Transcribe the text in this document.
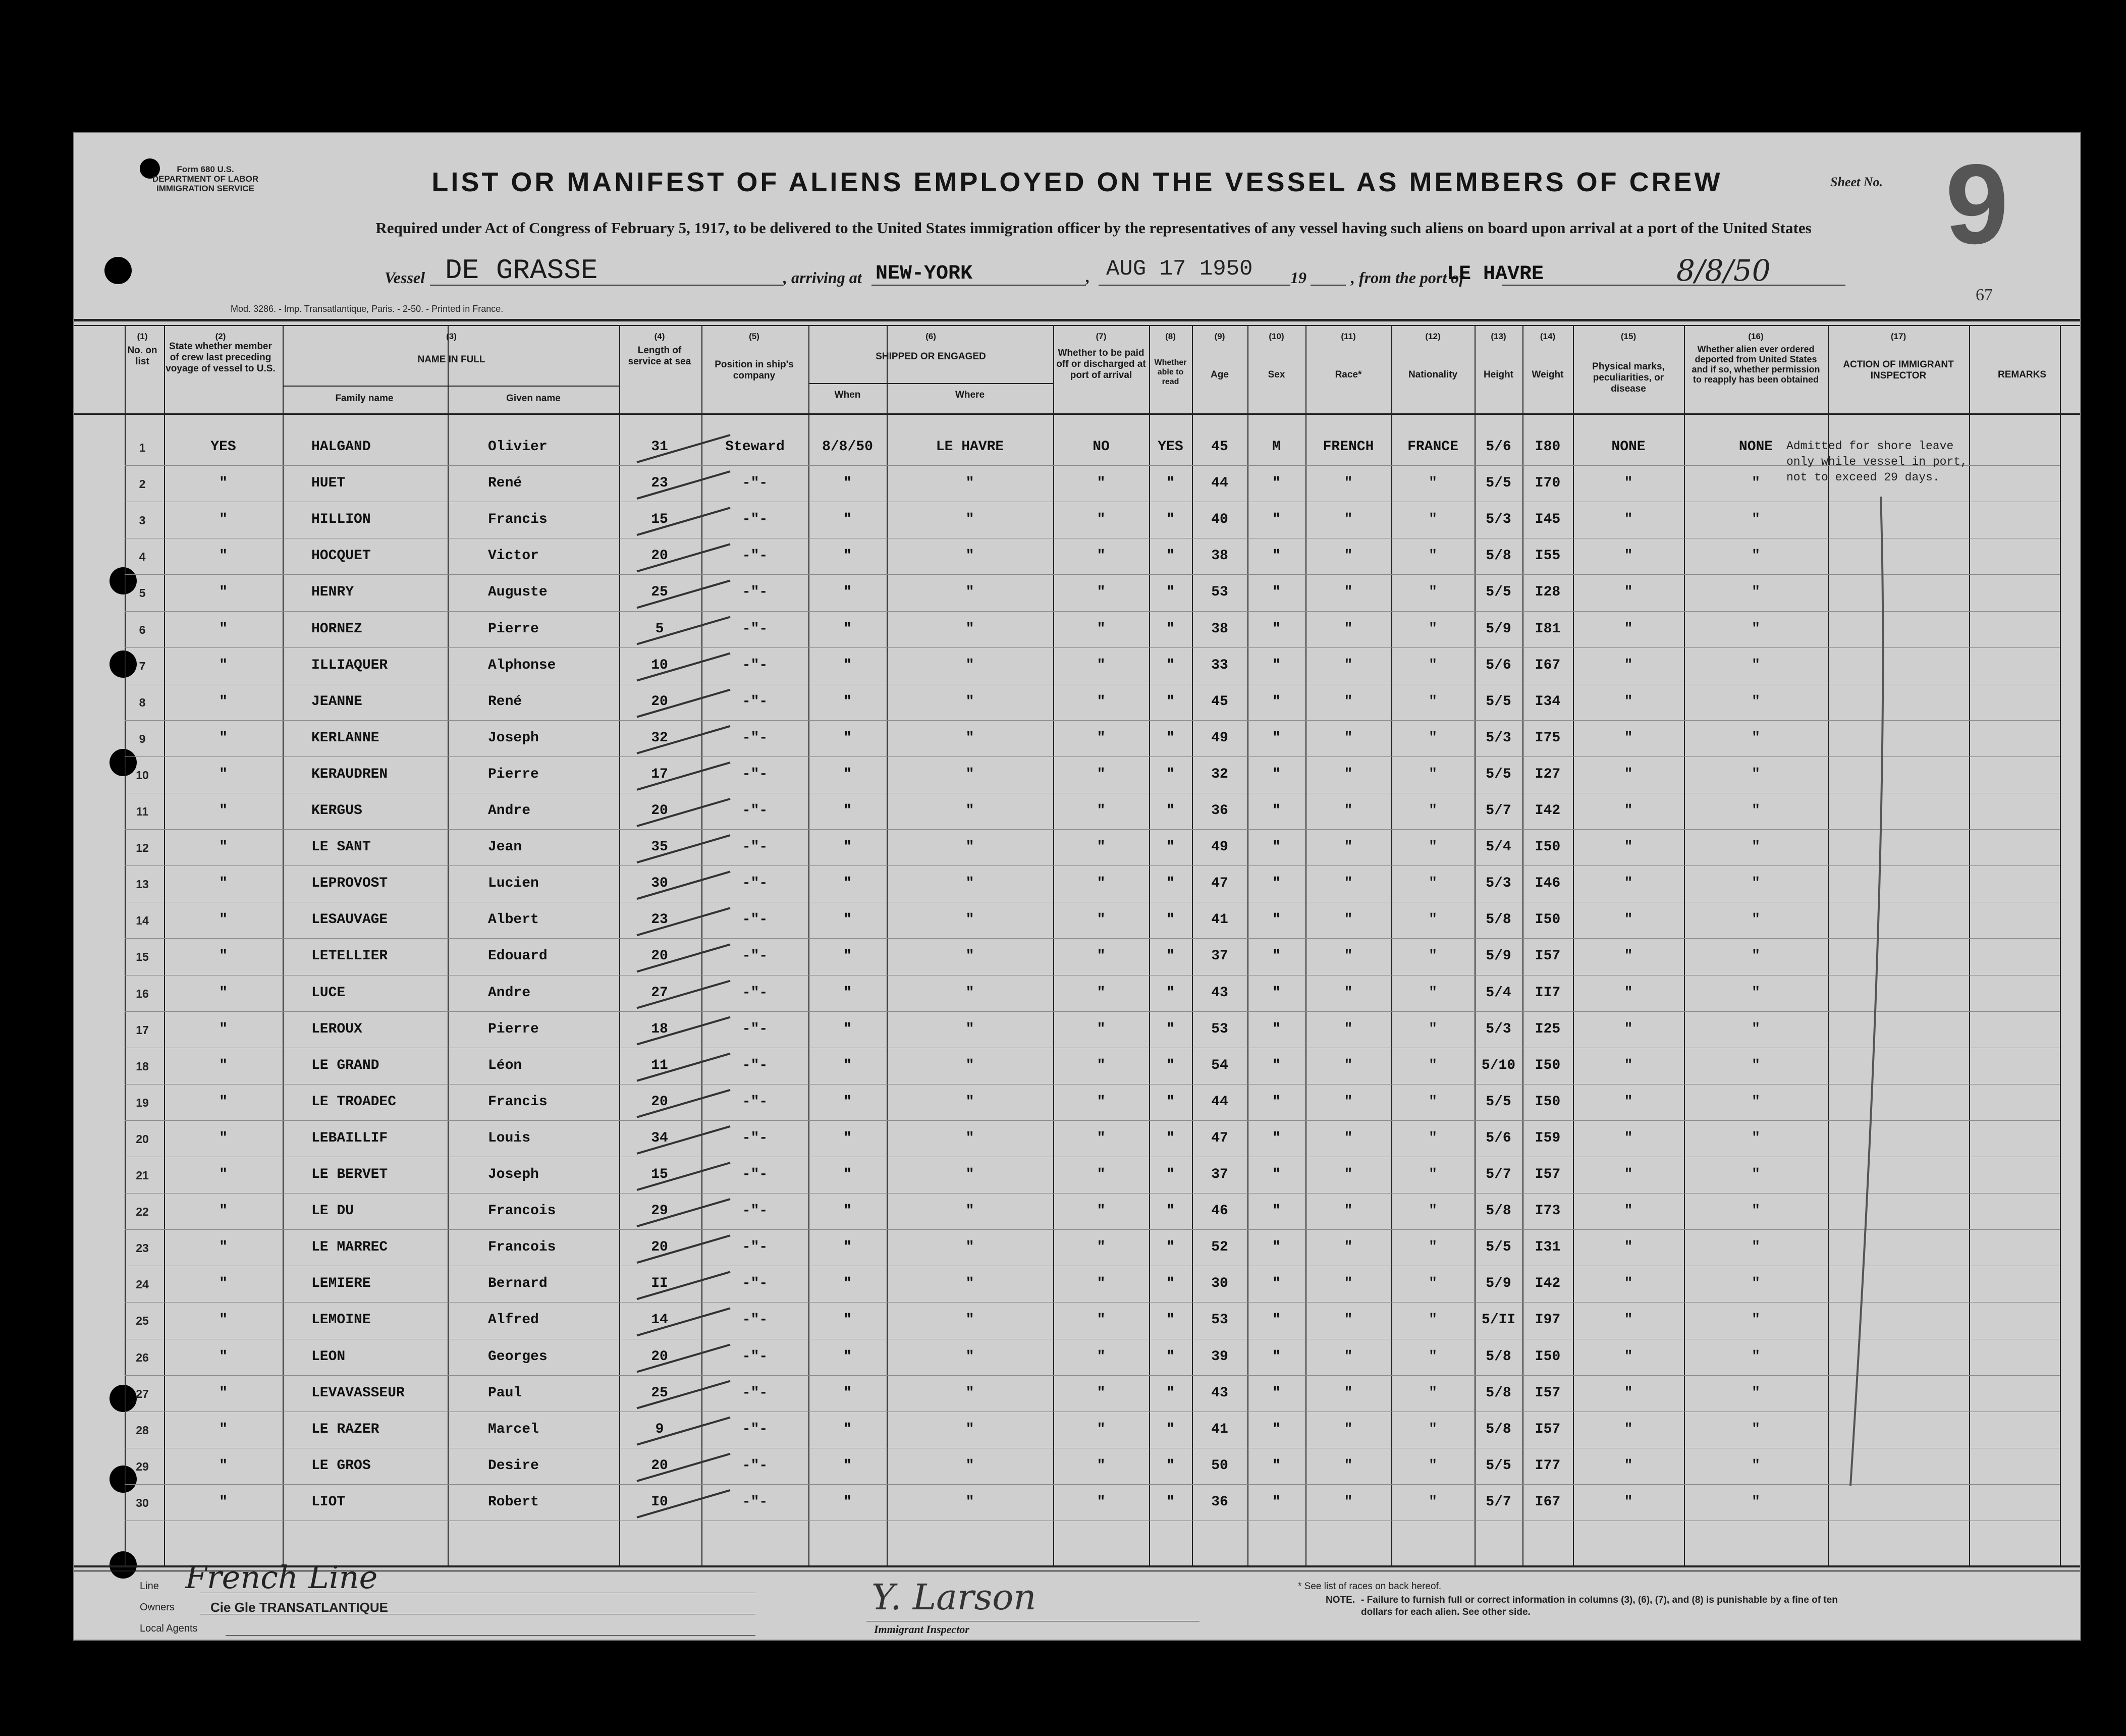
Form 680 U.S. DEPARTMENT OF LABOR IMMIGRATION SERVICE	LIST OR MANIFEST OF ALIENS EMPLOYED ON THE VESSEL AS MEMBERS OF CREW	Sheet No. 9
Required under Act of Congress of February 5, 1917, to be delivered to the United States immigration officer by the representatives of any vessel having such aliens on board upon arrival at a port of the United States
Vessel DE GRASSE	, arriving at NEW-YORK	, AUG 17 1950 19	, from the port of
LE HAVRE	8/8/50
Mod. 3286. - Imp. Transatlantique, Paris. - 2-50. - Printed in France.
67
(1)
No. on list
(2)
State whether member of crew last preceding voyage of vessel to U.S.
(3)
NAME IN FULL
Family name	Given name
(4)
Length of service at sea
(5)
Position in ship's company
(6)
SHIPPED OR ENGAGED
When	Where
(7)
Whether to be paid off or discharged at port of arrival
(8)
Whether able to read
(9)
Age
(10)
Sex
(11)
Race*
(12)
Nationality
(13)
Height
(14)
Weight
(15)
Physical marks, peculiarities, or disease
(16)
Whether alien ever ordered deported from United States and if so, whether permission to reapply has been obtained
(17)
ACTION OF IMMIGRANT INSPECTOR	REMARKS
1	YES	HALGAND	Olivier	31	Steward	8/8/50	LE HAVRE	NO	YES	45	M	FRENCH	FRANCE	5/6	I80	NONE	NONE
2	"	HUET	René	23	-"-	"	"	"	"	44	"	"	"	5/5	I70	"	"
3	"	HILLION	Francis	15	-"-	"	"	"	"	40	"	"	"	5/3	I45	"	"
4	"	HOCQUET	Victor	20	-"-	"	"	"	"	38	"	"	"	5/8	I55	"	"
5	"	HENRY	Auguste	25	-"-	"	"	"	"	53	"	"	"	5/5	I28	"	"
6	"	HORNEZ	Pierre	5	-"-	"	"	"	"	38	"	"	"	5/9	I81	"	"
7	"	ILLIAQUER	Alphonse	10	-"-	"	"	"	"	33	"	"	"	5/6	I67	"	"
8	"	JEANNE	René	20	-"-	"	"	"	"	45	"	"	"	5/5	I34	"	"
9	"	KERLANNE	Joseph	32	-"-	"	"	"	"	49	"	"	"	5/3	I75	"	"
10	"	KERAUDREN	Pierre	17	-"-	"	"	"	"	32	"	"	"	5/5	I27	"	"
11	"	KERGUS	Andre	20	-"-	"	"	"	"	36	"	"	"	5/7	I42	"	"
12	"	LE SANT	Jean	35	-"-	"	"	"	"	49	"	"	"	5/4	I50	"	"
13	"	LEPROVOST	Lucien	30	-"-	"	"	"	"	47	"	"	"	5/3	I46	"	"
14	"	LESAUVAGE	Albert	23	-"-	"	"	"	"	41	"	"	"	5/8	I50	"	"
15	"	LETELLIER	Edouard	20	-"-	"	"	"	"	37	"	"	"	5/9	I57	"	"
16	"	LUCE	Andre	27	-"-	"	"	"	"	43	"	"	"	5/4	II7	"	"
17	"	LEROUX	Pierre	18	-"-	"	"	"	"	53	"	"	"	5/3	I25	"	"
18	"	LE GRAND	Léon	11	-"-	"	"	"	"	54	"	"	"	5/10	I50	"	"
19	"	LE TROADEC	Francis	20	-"-	"	"	"	"	44	"	"	"	5/5	I50	"	"
20	"	LEBAILLIF	Louis	34	-"-	"	"	"	"	47	"	"	"	5/6	I59	"	"
21	"	LE BERVET	Joseph	15	-"-	"	"	"	"	37	"	"	"	5/7	I57	"	"
22	"	LE DU	Francois	29	-"-	"	"	"	"	46	"	"	"	5/8	I73	"	"
23	"	LE MARREC	Francois	20	-"-	"	"	"	"	52	"	"	"	5/5	I31	"	"
24	"	LEMIERE	Bernard	II	-"-	"	"	"	"	30	"	"	"	5/9	I42	"	"
25	"	LEMOINE	Alfred	14	-"-	"	"	"	"	53	"	"	"	5/II	I97	"	"
26	"	LEON	Georges	20	-"-	"	"	"	"	39	"	"	"	5/8	I50	"	"
27	"	LEVAVASSEUR	Paul	25	-"-	"	"	"	"	43	"	"	"	5/8	I57	"	"
28	"	LE RAZER	Marcel	9	-"-	"	"	"	"	41	"	"	"	5/8	I57	"	"
29	"	LE GROS	Desire	20	-"-	"	"	"	"	50	"	"	"	5/5	I77	"	"
30	"	LIOT	Robert	I0	-"-	"	"	"	"	36	"	"	"	5/7	I67	"	"
Admitted for shore leave only while vessel in port, not to exceed 29 days.
Line French Line
Owners	Cie Gle TRANSATLANTIQUE
Local Agents
Y. Larson
Immigrant Inspector
* See list of races on back hereof.
NOTE. - Failure to furnish full or correct information in columns (3), (6), (7), and (8) is punishable by a fine of ten dollars for each alien. See other side.
